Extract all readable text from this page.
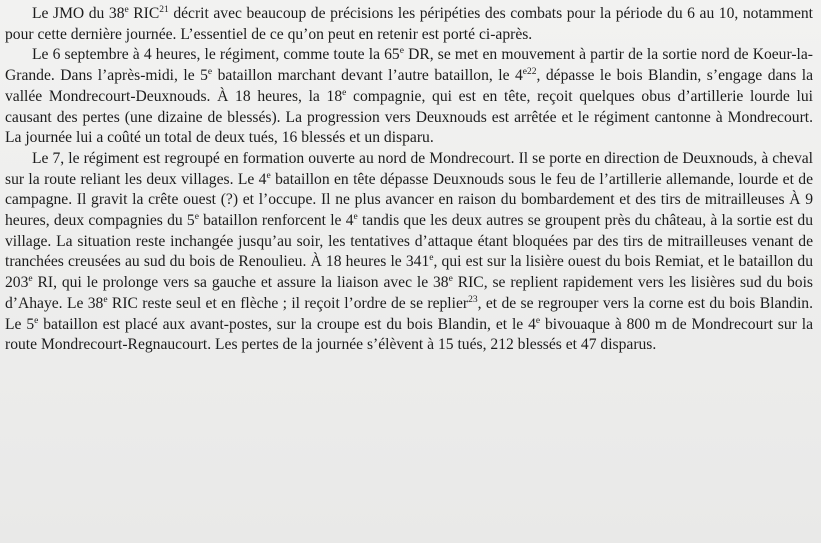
Le JMO du 38e RIC$^{21}$ décrit avec beaucoup de précisions les péripéties des combats pour la période du 6 au 10, notamment pour cette dernière journée. L’essentiel de ce qu’on peut en retenir est porté ci-après.

Le 6 septembre à 4 heures, le régiment, comme toute la 65e DR, se met en mouvement à partir de la sortie nord de Koeur-la-Grande. Dans l’après-midi, le 5e bataillon marchant devant l’autre bataillon, le $4^{e22}$, dépasse le bois Blandin, s’engage dans la vallée Mondrecourt-Deuxnouds. À 18 heures, la 18e compagnie, qui est en tête, reçoit quelques obus d’artillerie lourde lui causant des pertes (une dizaine de blessés). La progression vers Deuxnouds est arrêtée et le régiment cantonne à Mondrecourt. La journée lui a coûté un total de deux tués, 16 blessés et un disparu.

Le 7, le régiment est regroupé en formation ouverte au nord de Mondrecourt. Il se porte en direction de Deuxnouds, à cheval sur la route reliant les deux villages. Le 4e bataillon en tête dépasse Deuxnouds sous le feu de l’artillerie allemande, lourde et de campagne. Il gravit la crête ouest (?) et l’occupe. Il ne plus avancer en raison du bombardement et des tirs de mitrailleuses À 9 heures, deux compagnies du 5e bataillon renforcent le 4e tandis que les deux autres se groupent près du château, à la sortie est du village. La situation reste inchangée jusqu’au soir, les tentatives d’attaque étant bloquées par des tirs de mitrailleuses venant de tranchées creusées au sud du bois de Renoulieu. À 18 heures le 341e, qui est sur la lisière ouest du bois Remiat, et le bataillon du 203e RI, qui le prolonge vers sa gauche et assure la liaison avec le 38e RIC, se replient rapidement vers les lisières sud du bois d’Ahaye. Le 38e RIC reste seul et en flèche ; il reçoit l’ordre de se replier$^{23}$, et de se regrouper vers la corne est du bois Blandin. Le 5e bataillon est placé aux avant-postes, sur la croupe est du bois Blandin, et le 4e bivouaque à 800 m de Mondrecourt sur la route Mondrecourt-Regnaucourt. Les pertes de la journée s’élèvent à 15 tués, 212 blessés et 47 disparus.
